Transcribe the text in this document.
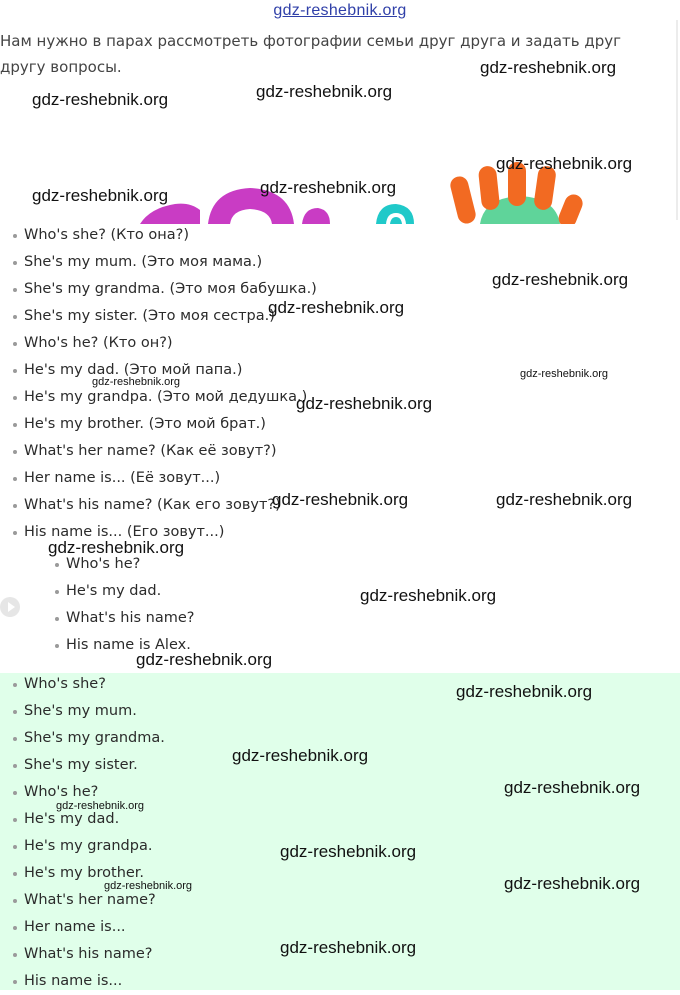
gdz-reshebnik.org
Нам нужно в парах рассмотреть фотографии семьи друг друга и задать друг другу вопросы.
Who's she? (Кто она?)
She's my mum. (Это моя мама.)
She's my grandma. (Это моя бабушка.)
She's my sister. (Это моя сестра.)
Who's he? (Кто он?)
He's my dad. (Это мой папа.)
He's my grandpa. (Это мой дедушка.)
He's my brother. (Это мой брат.)
What's her name? (Как её зовут?)
Her name is... (Её зовут...)
What's his name? (Как его зовут?)
His name is... (Его зовут...)
Who's he?
He's my dad.
What's his name?
His name is Alex.
Who's she?
She's my mum.
She's my grandma.
She's my sister.
Who's he?
He's my dad.
He's my grandpa.
He's my brother.
What's her name?
Her name is...
What's his name?
His name is...
gdz-reshebnik.org
gdz-reshebnik.org	gdz-reshebnik.org
gdz-reshebnik.org
gdz-reshebnik.org	gdz-reshebnik.org
gdz-reshebnik.org
gdz-reshebnik.org
gdz-reshebnik.org
gdz-reshebnik.org
gdz-reshebnik.org
gdz-reshebnik.org	gdz-reshebnik.org
gdz-reshebnik.org
gdz-reshebnik.org
gdz-reshebnik.org
gdz-reshebnik.org
gdz-reshebnik.org
gdz-reshebnik.org
gdz-reshebnik.org
gdz-reshebnik.org
gdz-reshebnik.org	gdz-reshebnik.org
gdz-reshebnik.org
